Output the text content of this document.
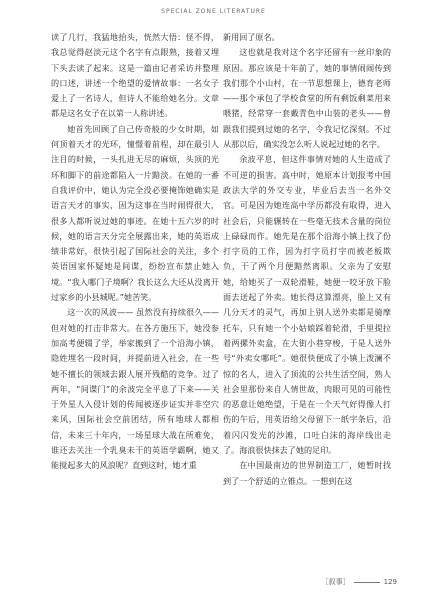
SPECIAL ZONE LITERATURE

读了几行，我猛地抬头，恍然大悟：怪不得，我总觉得赵淡元这个名字有点眼熟，接着又埋下头去读了起来。这是一篇由记者采访并整理的口述，讲述一个绝望的爱情故事：一名女子爱上了一名诗人，但诗人不能给她名分。文章都是这名女子在以第一人称讲述。

她首先回顾了自己传奇般的少女时期，如何顶着天才的光环，憧憬着前程，却在最引人注目的时候，一头扎进无尽的麻烦，头顶的光环和脚下的前途都陷入一片黯淡。在她的一番自我评价中，她认为完全没必要掩饰她确实是语言天才的事实，因为这事在当时闹得很大，很多人都听说过她的事迹。在她十五六岁的时候，她的语言天分完全展露出来，她的英语成绩非常好，很快引起了国际社会的关注，多个英语国家怀疑她是间谍，纷纷宣布禁止她入境。“我入哪门子境啊？我长这么大还从没离开过家乡的小县城呢。”她苦笑。

这一次的风波—— 虽然没有持续很久——但对她的打击非常大。在各方施压下，她没参加高考便辍了学，举家搬到了一个沿海小镇，隐姓埋名一段时间，并提前进入社会，在一些她不擅长的领域去跟人展开残酷的竞争。过了两年，“间谍门”的余波完全平息了下来——关于外星人入侵计划的传闻被逐步证实并非空穴来风，国际社会空前团结，所有地球人都相信，未来三十年内，一场星球大战在所难免，谁还去关注一个乳臭未干的英语学霸啊，她又能搅起多大的风浪呢？直到这时，她才重

新用回了原名。

这也就是我对这个名字还留有一丝印象的原因。那应该是十年前了，她的事情闹闹传到我们那个小山村，在一节思想课上，德育老师——那个承包了学校食堂的所有剩饭剩菜用来喂猪，经常穿一套戴青色中山装的老头——曾跟我们提到过她的名字，令我记忆深刻。不过从那以后，确实没怎么听人说起过她的名字。

余波平息，但这件事情对她的人生造成了不可逆的损害。高中时，她原本计划报考中国政法大学的外交专业，毕业后去当一名外交官。可是因为她连高中学历都没有取得，进入社会后，只能辗转在一些毫无技术含量的岗位上碌碌而作。她先是在那个沿海小镇上找了份打字员的工作，因为打字员打字而被老板欺负，干了两个月便黯然离职。父亲为了安慰她，给她买了一双轮滑鞋，她便一咬牙放下脸面去送起了外卖。她长得这算漂亮，脸上又有几分天才的灵气，再加上别人送外卖都是骑摩托车，只有她一个小姑娘踩着轮滑，手里提拉着两摞外卖盒，在大街小巷穿梭，于是人送外号“外卖女哪吒”。她很快便成了小镇上泼澜不惊的名人，进入了顶流的公共生活空间，熟人社会里那份来自人情世故，肉眼可见的可能性的恶意让她绝望，于是在一个天气好得像人打伤的午后，用英语给父母留下一纸字条后，沿着闪闪发光的沙滩，口吐白沫的海岸线出走了。海浪很快抹去了她的足印。

在中国最南边的世界制造工厂，她暂时找到了一个舒适的立锥点。一想到在这

［叙事］	129
